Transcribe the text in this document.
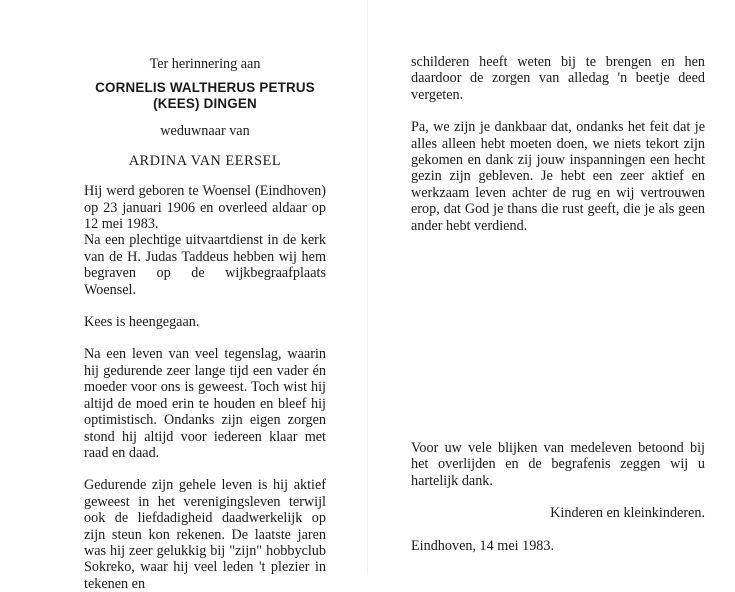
Ter herinnering aan
CORNELIS WALTHERUS PETRUS
(KEES) DINGEN
weduwnaar van
ARDINA VAN EERSEL

Hij werd geboren te Woensel (Eindhoven) op 23 januari 1906 en overleed aldaar op 12 mei 1983.

Na een plechtige uitvaartdienst in de kerk van de H. Judas Taddeus hebben wij hem begraven op de wijkbegraafplaats Woensel.

Kees is heengegaan.

Na een leven van veel tegenslag, waarin hij gedurende zeer lange tijd een vader én moeder voor ons is geweest. Toch wist hij altijd de moed erin te houden en bleef hij optimistisch. Ondanks zijn eigen zorgen stond hij altijd voor iedereen klaar met raad en daad.

Gedurende zijn gehele leven is hij aktief geweest in het verenigingsleven terwijl ook de liefdadigheid daadwerkelijk op zijn steun kon rekenen. De laatste jaren was hij zeer gelukkig bij "zijn" hobbyclub Sokreko, waar hij veel leden 't plezier in tekenen en

schilderen heeft weten bij te brengen en hen daardoor de zorgen van alledag 'n beetje deed vergeten.

Pa, we zijn je dankbaar dat, ondanks het feit dat je alles alleen hebt moeten doen, we niets tekort zijn gekomen en dank zij jouw inspanningen een hecht gezin zijn gebleven. Je hebt een zeer aktief en werkzaam leven achter de rug en wij vertrouwen erop, dat God je thans die rust geeft, die je als geen ander hebt verdiend.

Voor uw vele blijken van medeleven betoond bij het overlijden en de begrafenis zeggen wij u hartelijk dank.

Kinderen en kleinkinderen.
Eindhoven, 14 mei 1983.
